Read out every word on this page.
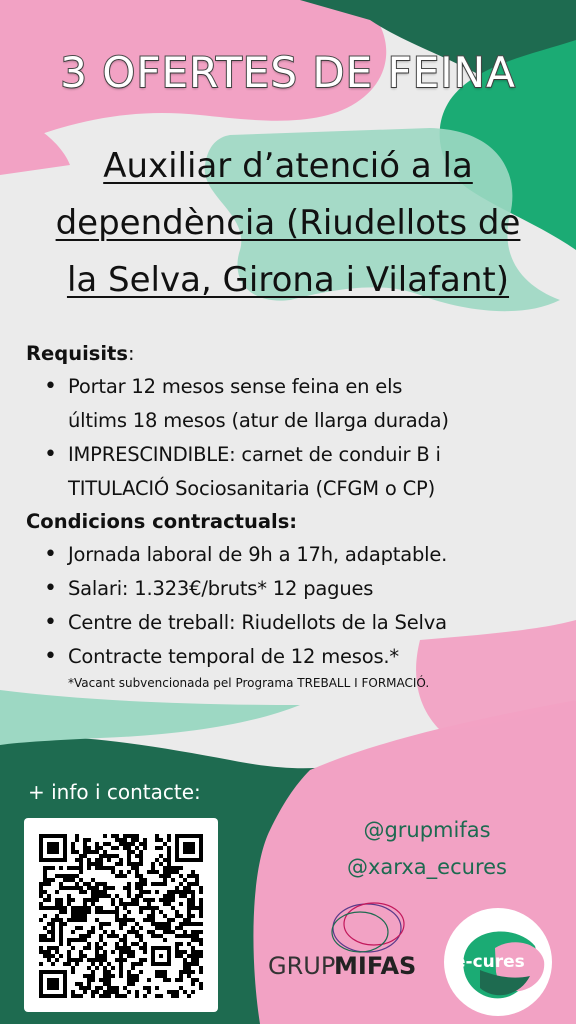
3 OFERTES DE FEINA
Auxiliar d’atenció a la
dependència (Riudellots de
la Selva, Girona i Vilafant)
Requisits:
• Portar 12 mesos sense feina en els
últims 18 mesos (atur de llarga durada)
• IMPRESCINDIBLE: carnet de conduir B i
TITULACIÓ Sociosanitaria (CFGM o CP)
Condicions contractuals:
• Jornada laboral de 9h a 17h, adaptable.
• Salari: 1.323€/bruts* 12 pagues
• Centre de treball: Riudellots de la Selva
• Contracte temporal de 12 mesos.*
*Vacant subvencionada pel Programa TREBALL I FORMACIÓ.
+ info i contacte:
@grupmifas
@xarxa_ecures
GRUP
MIFAS e-cures
